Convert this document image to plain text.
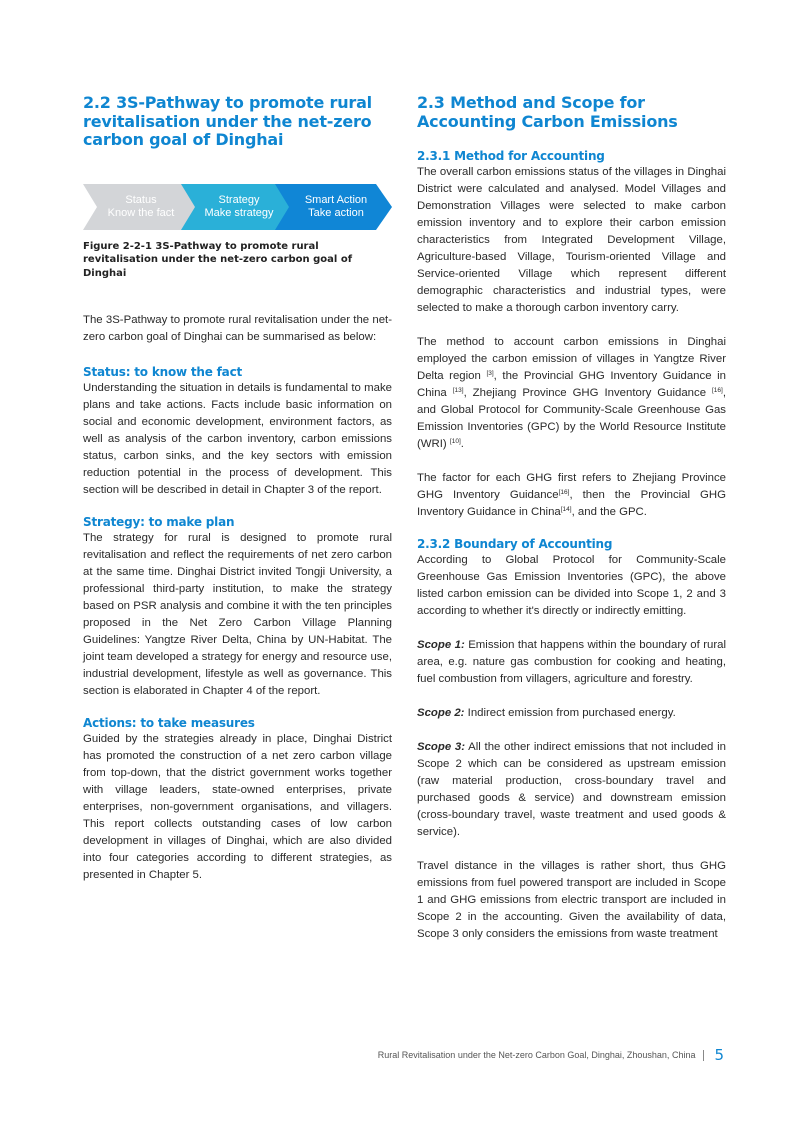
2.2 3S-Pathway to promote rural revitalisation under the net-zero carbon goal of Dinghai
Status
Know the fact
Strategy
Make strategy
Smart Action
Take action
Figure 2-2-1 3S-Pathway to promote rural revitalisation under the net-zero carbon goal of Dinghai

The 3S-Pathway to promote rural revitalisation under the net-zero carbon goal of Dinghai can be summarised as below:

Status: to know the fact

Understanding the situation in details is fundamental to make plans and take actions. Facts include basic information on social and economic development, environment factors, as well as analysis of the carbon inventory, carbon emissions status, carbon sinks, and the key sectors with emission reduction potential in the process of development. This section will be described in detail in Chapter 3 of the report.

Strategy: to make plan

The strategy for rural is designed to promote rural revitalisation and reflect the requirements of net zero carbon at the same time. Dinghai District invited Tongji University, a professional third-party institution, to make the strategy based on PSR analysis and combine it with the ten principles proposed in the Net Zero Carbon Village Planning Guidelines: Yangtze River Delta, China by UN-Habitat. The joint team developed a strategy for energy and resource use, industrial development, lifestyle as well as governance. This section is elaborated in Chapter 4 of the report.

Actions: to take measures

Guided by the strategies already in place, Dinghai District has promoted the construction of a net zero carbon village from top-down, that the district government works together with village leaders, state-owned enterprises, private enterprises, non-government organisations, and villagers. This report collects outstanding cases of low carbon development in villages of Dinghai, which are also divided into four categories according to different strategies, as presented in Chapter 5.

2.3 Method and Scope for Accounting Carbon Emissions
2.3.1 Method for Accounting

The overall carbon emissions status of the villages in Dinghai District were calculated and analysed. Model Villages and Demonstration Villages were selected to make carbon emission inventory and to explore their carbon emission characteristics from Integrated Development Village, Agriculture-based Village, Tourism-oriented Village and Service-oriented Village which represent different demographic characteristics and industrial types, were selected to make a thorough carbon inventory carry.

The method to account carbon emissions in Dinghai employed the carbon emission of villages in Yangtze River Delta region [3], the Provincial GHG Inventory Guidance in China [13], Zhejiang Province GHG Inventory Guidance [16], and Global Protocol for Community-Scale Greenhouse Gas Emission Inventories (GPC) by the World Resource Institute (WRI) [10].

The factor for each GHG first refers to Zhejiang Province GHG Inventory Guidance[16], then the Provincial GHG Inventory Guidance in China[14], and the GPC.

2.3.2 Boundary of Accounting

According to Global Protocol for Community-Scale Greenhouse Gas Emission Inventories (GPC), the above listed carbon emission can be divided into Scope 1, 2 and 3 according to whether it's directly or indirectly emitting.

Scope 1: Emission that happens within the boundary of rural area, e.g. nature gas combustion for cooking and heating, fuel combustion from villagers, agriculture and forestry.

Scope 2: Indirect emission from purchased energy.

Scope 3: All the other indirect emissions that not included in Scope 2 which can be considered as upstream emission (raw material production, cross-boundary travel and purchased goods & service) and downstream emission (cross-boundary travel, waste treatment and used goods & service).

Travel distance in the villages is rather short, thus GHG emissions from fuel powered transport are included in Scope 1 and GHG emissions from electric transport are included in Scope 2 in the accounting. Given the availability of data, Scope 3 only considers the emissions from waste treatment

Rural Revitalisation under the Net-zero Carbon Goal, Dinghai, Zhoushan, China 5
